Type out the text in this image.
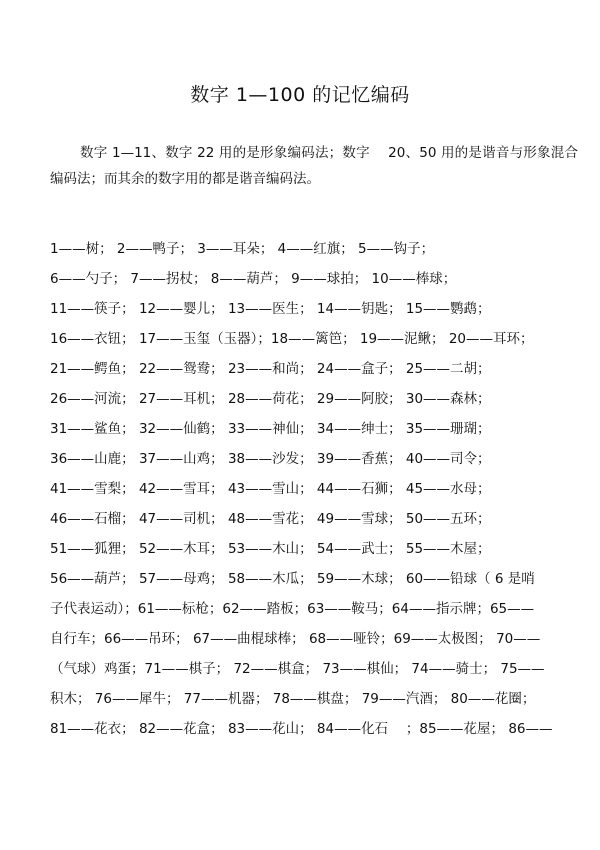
数字 1—100 的记忆编码

数字 1—11、数字 22 用的是形象编码法；数字 　20、50 用的是谐音与形象混合编码法；而其余的数字用的都是谐音编码法。

1——树； 2——鸭子； 3——耳朵； 4——红旗； 5——钩子；
6——勺子； 7——拐杖； 8——葫芦； 9——球拍； 10——棒球；
11——筷子； 12——婴儿； 13——医生； 14——钥匙； 15——鹦鹉；
16——衣钮； 17——玉玺（玉器）；18——篱笆； 19——泥鳅； 20——耳环；
21——鳄鱼； 22——鸳鸯； 23——和尚； 24——盒子； 25——二胡；
26——河流； 27——耳机； 28——荷花； 29——阿胶； 30——森林；
31——鲨鱼； 32——仙鹤； 33——神仙； 34——绅士； 35——珊瑚；
36——山鹿； 37——山鸡； 38——沙发； 39——香蕉； 40——司令；
41——雪梨； 42——雪耳； 43——雪山； 44——石狮； 45——水母；
46——石榴； 47——司机； 48——雪花； 49——雪球； 50——五环；
51——狐狸； 52——木耳； 53——木山； 54——武士； 55——木屋；
56——葫芦； 57——母鸡； 58——木瓜； 59——木球； 60——铅球（ 6 是哨
子代表运动）；61——标枪；62——踏板；63——鞍马；64——指示牌；65——
自行车；66——吊环； 67——曲棍球棒； 68——哑铃；69——太极图； 70——
（气球）鸡蛋；71——棋子； 72——棋盒； 73——棋仙； 74——骑士； 75——
积木； 76——犀牛； 77——机器； 78——棋盘； 79——汽酒； 80——花圈；
81——花衣； 82——花盒； 83——花山； 84——化石 　；85——花屋； 86——
